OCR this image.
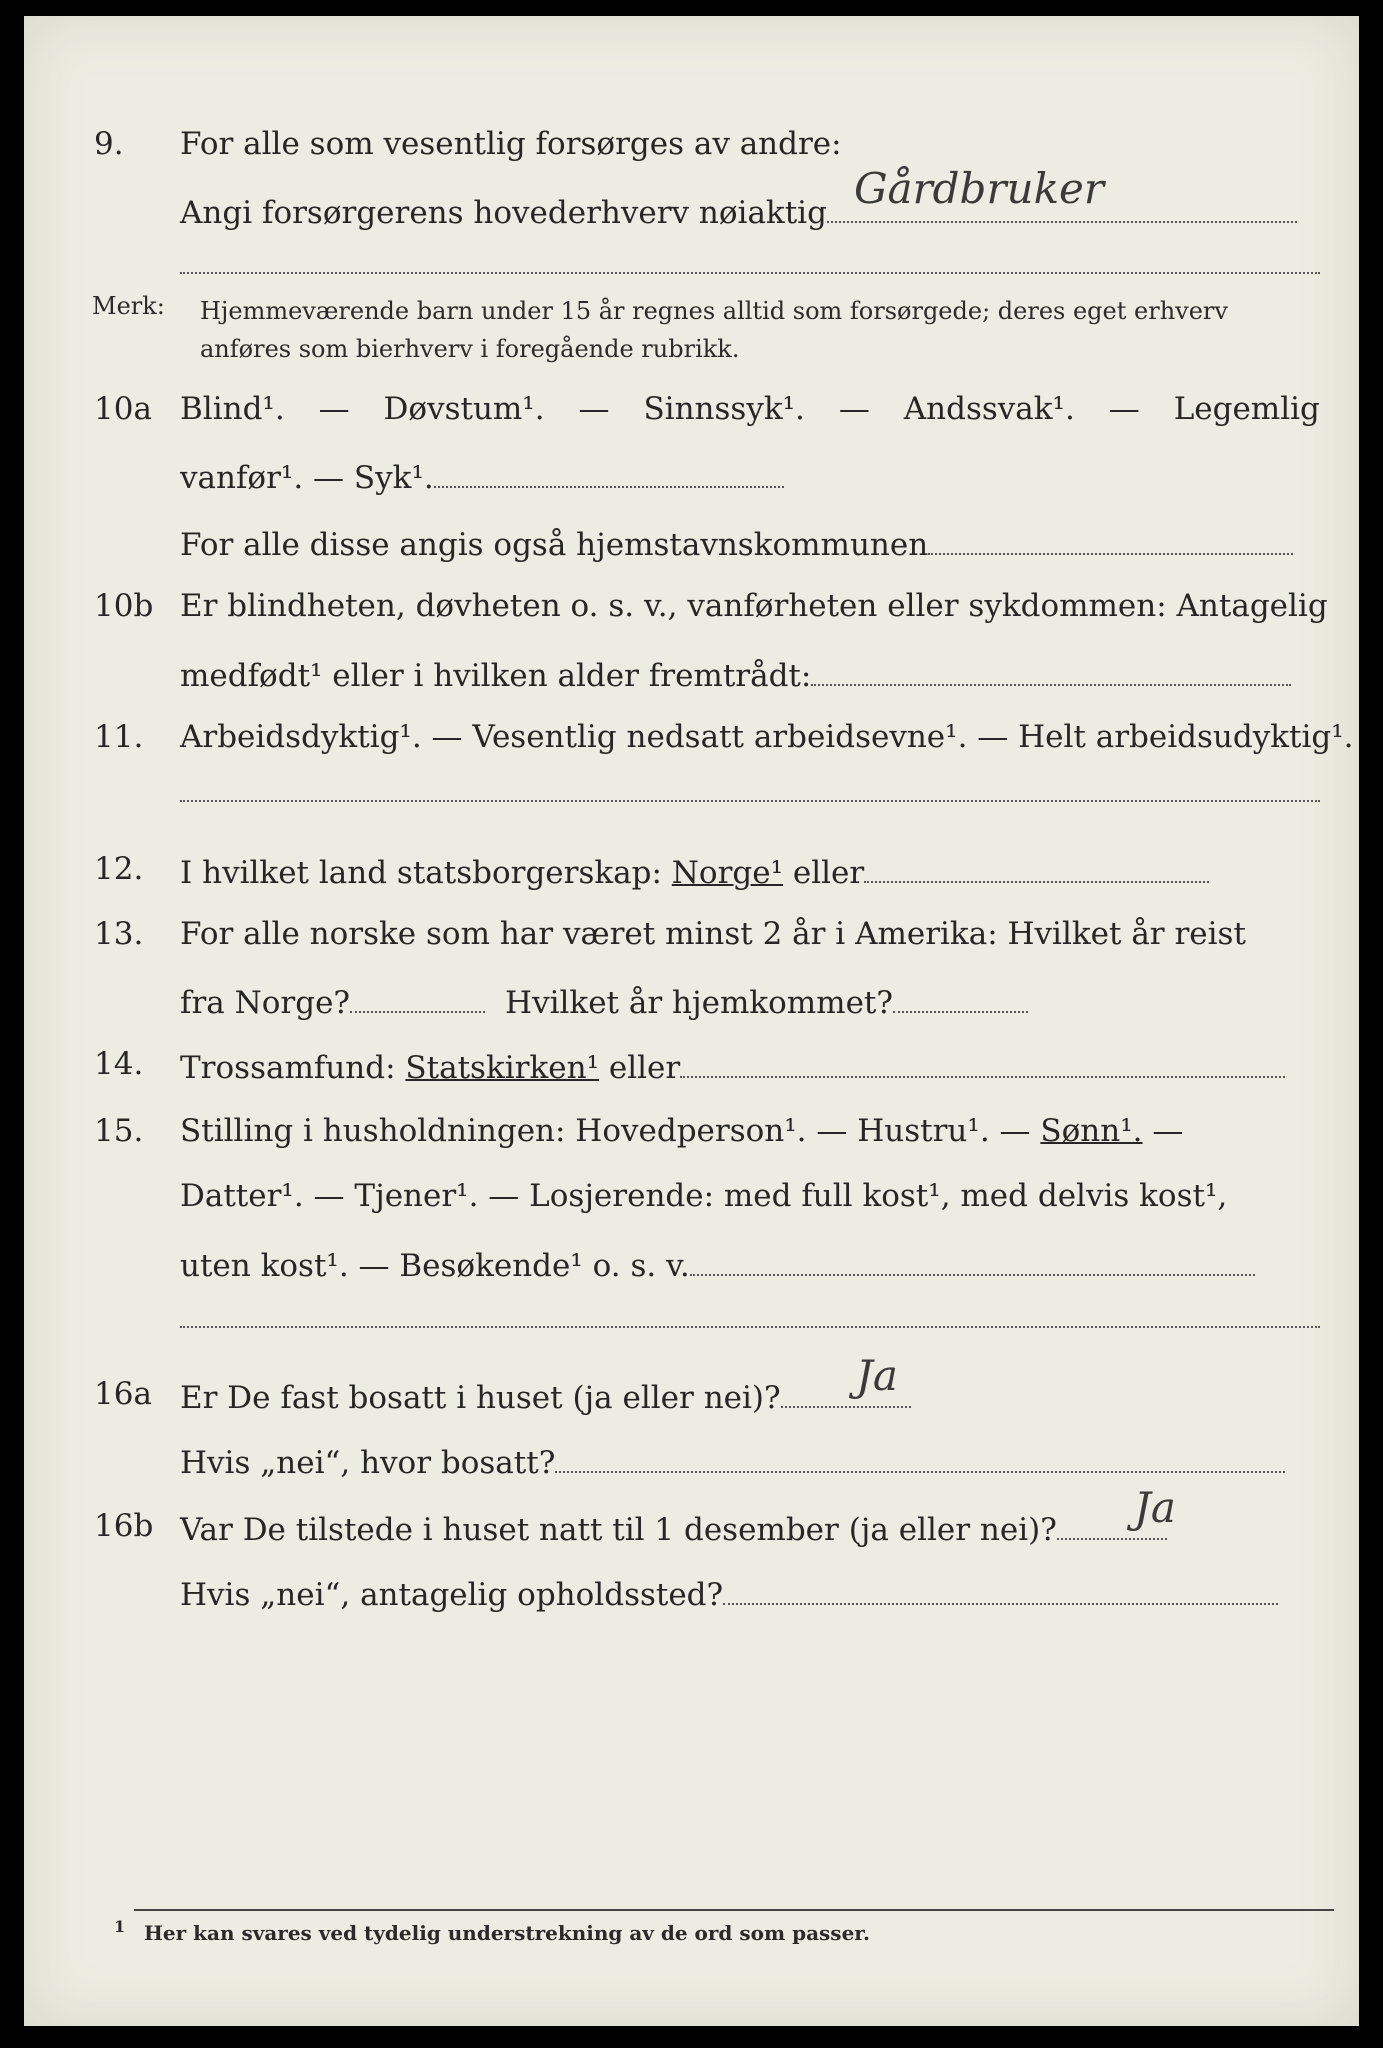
9. For alle som vesentlig forsørges av andre:
Angi forsørgerens hovederhverv nøiaktig Gårdbruker
Merk: Hjemmeværende barn under 15 år regnes alltid som forsørgede; deres eget erhverv anføres som bierhverv i foregående rubrikk.
10a Blind¹. — Døvstum¹. — Sinnssyk¹. — Andssvak¹. — Legemlig
vanfør¹. — Syk¹.
For alle disse angis også hjemstavnskommunen
10b Er blindheten, døvheten o. s. v., vanførheten eller sykdommen: Antagelig
medfødt¹ eller i hvilken alder fremtrådt:
11. Arbeidsdyktig¹. — Vesentlig nedsatt arbeidsevne¹. — Helt arbeidsudyktig¹.
12. I hvilket land statsborgerskap: Norge¹ eller
13. For alle norske som har været minst 2 år i Amerika: Hvilket år reist
fra Norge?	Hvilket år hjemkommet?
14. Trossamfund: Statskirken¹ eller
15. Stilling i husholdningen: Hovedperson¹. — Hustru¹. — Sønn¹. —
Datter¹. — Tjener¹. — Losjerende: med full kost¹, med delvis kost¹,
uten kost¹. — Besøkende¹ o. s. v.
16a Er De fast bosatt i huset (ja eller nei)?	Ja
Hvis „nei“, hvor bosatt?
16b Var De tilstede i huset natt til 1 desember (ja eller nei)?	Ja
Hvis „nei“, antagelig opholdssted?
1 Her kan svares ved tydelig understrekning av de ord som passer.
